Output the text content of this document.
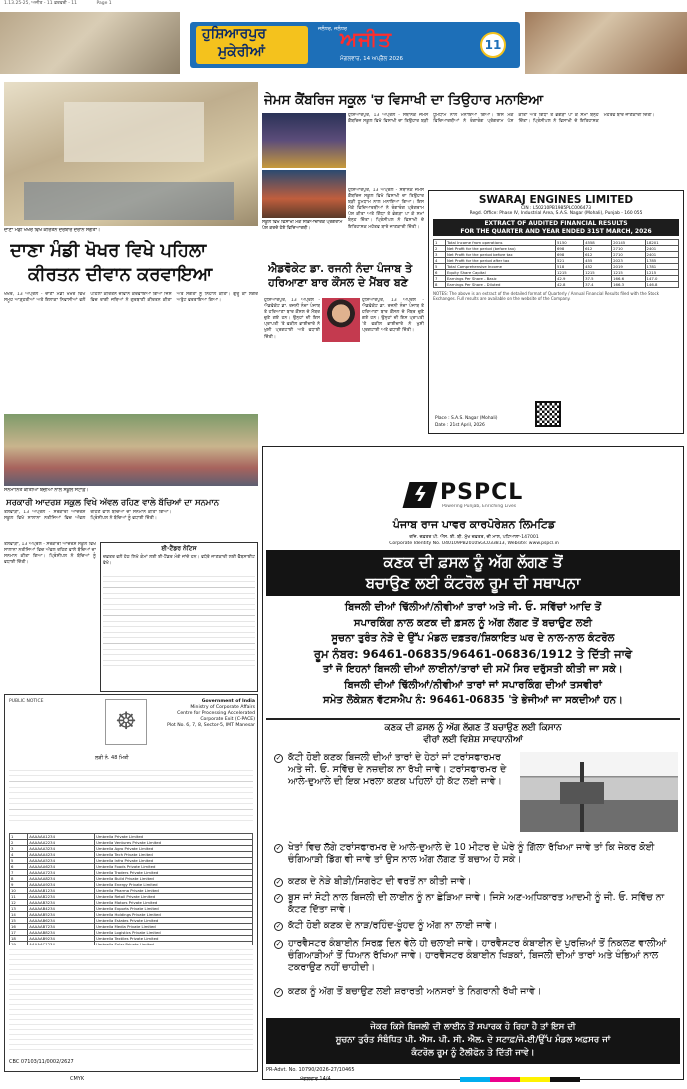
1.13.25-25, ਅਜੀਤ - 11 ਫ਼ਰਵਰੀ - 11	Page 1
ਹੁਸ਼ਿਆਰਪੁਰ
ਮੁਕੇਰੀਆਂ
ਜਲੰਧਰ, ਜਲੰਧਰ
ਅਜੀਤ
ਮੰਗਲਵਾਰ, 14 ਅਪ੍ਰੈਲ 2026
11
ਦਾਣਾ ਮੰਡੀ ਖੋਖਰ ਵਿਖੇ ਕੀਰਤਨ ਦਰਬਾਰ ਦੌਰਾਨ ਸੰਗਤਾਂ।
ਦਾਣਾ ਮੰਡੀ ਖੋਖਰ ਵਿਖੇ ਪਹਿਲਾ
ਕੀਰਤਨ ਦੀਵਾਨ ਕਰਵਾਇਆ
ਖੋਖਰ, 13 ਅਪ੍ਰੈਲ - ਦਾਣਾ ਮੰਡੀ ਖੋਖਰ ਵਿਖੇ ਸਮੂਹ ਆੜ੍ਹਤੀਆਂ ਅਤੇ ਇਲਾਕਾ ਨਿਵਾਸੀਆਂ ਵਲੋਂ ਪਹਿਲਾ ਕੀਰਤਨ ਦੀਵਾਨ ਕਰਵਾਇਆ ਗਿਆ ਜਿਸ ਵਿਚ ਰਾਗੀ ਜਥਿਆਂ ਨੇ ਗੁਰਬਾਣੀ ਕੀਰਤਨ ਕੀਤਾ ਅਤੇ ਸੰਗਤਾਂ ਨੂੰ ਨਿਹਾਲ ਕੀਤਾ। ਗੁਰੂ ਕਾ ਲੰਗਰ ਅਤੁੱਟ ਵਰਤਾਇਆ ਗਿਆ।
ਸਨਮਾਨਿਤ ਕੀਤੀਆਂ ਬੱਚੀਆਂ ਨਾਲ ਸਕੂਲ ਸਟਾਫ਼।
ਸਰਕਾਰੀ ਆਦਰਸ਼ ਸਕੂਲ ਵਿਖੇ ਅੱਵਲ ਰਹਿਣ ਵਾਲੇ ਬੱਚਿਆਂ ਦਾ ਸਨਮਾਨ
ਤਲਵਾੜਾ, 13 ਅਪ੍ਰੈਲ - ਸਰਕਾਰੀ ਆਦਰਸ਼ ਸਕੂਲ ਵਿਖੇ ਸਾਲਾਨਾ ਨਤੀਜਿਆਂ ਵਿਚ ਅੱਵਲ ਰਹਿਣ ਵਾਲੇ ਬੱਚਿਆਂ ਦਾ ਸਨਮਾਨ ਕੀਤਾ ਗਿਆ। ਪ੍ਰਿੰਸੀਪਲ ਨੇ ਬੱਚਿਆਂ ਨੂੰ ਵਧਾਈ ਦਿੱਤੀ।
ਤਲਵਾੜਾ, 13 ਅਪ੍ਰੈਲ - ਸਰਕਾਰੀ ਆਦਰਸ਼ ਸਕੂਲ ਵਿਖੇ ਸਾਲਾਨਾ ਨਤੀਜਿਆਂ ਵਿਚ ਅੱਵਲ ਰਹਿਣ ਵਾਲੇ ਬੱਚਿਆਂ ਦਾ ਸਨਮਾਨ ਕੀਤਾ ਗਿਆ। ਪ੍ਰਿੰਸੀਪਲ ਨੇ ਬੱਚਿਆਂ ਨੂੰ ਵਧਾਈ ਦਿੱਤੀ।
ਈ-ਟੈਂਡਰ ਨੋਟਿਸ
ਦਫ਼ਤਰ ਵਲੋਂ ਹੇਠ ਲਿਖੇ ਕੰਮਾਂ ਲਈ ਈ-ਟੈਂਡਰ ਮੰਗੇ ਜਾਂਦੇ ਹਨ। ਵਧੇਰੇ ਜਾਣਕਾਰੀ ਲਈ ਵੈੱਬਸਾਈਟ ਵੇਖੋ।
PUBLIC NOTICE
☸
Government of India
Ministry of Corporate Affairs
Centre for Processing Accelerated
Corporate Exit (C-PACE)
Plot No. 6, 7, 8, Sector-5, IMT Manesar
ਲੜੀ ਨੰ. 48 ਮਿਤੀ
1	AAAAAA1234	Umbrella Private Limited
2	AAAAAA2234	Umbrella Ventures Private Limited
3	AAAAAA3234	Umbrella Agro Private Limited
4	AAAAAA4234	Umbrella Tech Private Limited
5	AAAAAA5234	Umbrella Infra Private Limited
6	AAAAAA6234	Umbrella Foods Private Limited
7	AAAAAA7234	Umbrella Traders Private Limited
8	AAAAAA8234	Umbrella Build Private Limited
9	AAAAAA9234	Umbrella Energy Private Limited
10	AAAAAB1234	Umbrella Pharma Private Limited
11	AAAAAB2234	Umbrella Retail Private Limited
12	AAAAAB3234	Umbrella Motors Private Limited
13	AAAAAB4234	Umbrella Exports Private Limited
14	AAAAAB5234	Umbrella Holdings Private Limited
15	AAAAAB6234	Umbrella Estates Private Limited
16	AAAAAB7234	Umbrella Media Private Limited
17	AAAAAB8234	Umbrella Logistics Private Limited
18	AAAAAB9234	Umbrella Textiles Private Limited

CBC 07103/11/0002/2627
ਜੇਮਸ ਕੈਂਬਰਿਜ ਸਕੂਲ 'ਚ ਵਿਸਾਖੀ ਦਾ ਤਿਉਹਾਰ ਮਨਾਇਆ
ਹੁਸ਼ਿਆਰਪੁਰ, 13 ਅਪ੍ਰੈਲ - ਸਥਾਨਕ ਜੇਮਸ ਕੈਂਬਰਿਜ ਸਕੂਲ ਵਿਖੇ ਵਿਸਾਖੀ ਦਾ ਤਿਉਹਾਰ ਬੜੀ ਧੂਮਧਾਮ ਨਾਲ ਮਨਾਇਆ ਗਿਆ। ਇਸ ਮੌਕੇ ਵਿਦਿਆਰਥੀਆਂ ਨੇ ਰੰਗਾਰੰਗ ਪ੍ਰੋਗਰਾਮ ਪੇਸ਼ ਕੀਤਾ ਅਤੇ ਗਿੱਧਾ ਤੇ ਭੰਗੜਾ ਪਾ ਕੇ ਸਮਾਂ ਬੰਨ੍ਹ ਦਿੱਤਾ। ਪ੍ਰਿੰਸੀਪਲ ਨੇ ਵਿਸਾਖੀ ਦੇ ਇਤਿਹਾਸਕ ਮਹੱਤਵ ਬਾਰੇ ਜਾਣਕਾਰੀ ਦਿੱਤੀ।
ਸਕੂਲ ਵਿਖੇ ਵਿਸਾਖੀ ਮੌਕੇ ਸਭਿਆਚਾਰਕ ਪ੍ਰੋਗਰਾਮ ਪੇਸ਼ ਕਰਦੇ ਹੋਏ ਵਿਦਿਆਰਥੀ।
ਹੁਸ਼ਿਆਰਪੁਰ, 13 ਅਪ੍ਰੈਲ - ਸਥਾਨਕ ਜੇਮਸ ਕੈਂਬਰਿਜ ਸਕੂਲ ਵਿਖੇ ਵਿਸਾਖੀ ਦਾ ਤਿਉਹਾਰ ਬੜੀ ਧੂਮਧਾਮ ਨਾਲ ਮਨਾਇਆ ਗਿਆ। ਇਸ ਮੌਕੇ ਵਿਦਿਆਰਥੀਆਂ ਨੇ ਰੰਗਾਰੰਗ ਪ੍ਰੋਗਰਾਮ ਪੇਸ਼ ਕੀਤਾ ਅਤੇ ਗਿੱਧਾ ਤੇ ਭੰਗੜਾ ਪਾ ਕੇ ਸਮਾਂ ਬੰਨ੍ਹ ਦਿੱਤਾ। ਪ੍ਰਿੰਸੀਪਲ ਨੇ ਵਿਸਾਖੀ ਦੇ ਇਤਿਹਾਸਕ ਮਹੱਤਵ ਬਾਰੇ ਜਾਣਕਾਰੀ ਦਿੱਤੀ।
ਐਡਵੋਕੇਟ ਡਾ. ਰਜਨੀ ਨੰਦਾ ਪੰਜਾਬ ਤੇ
ਹਰਿਆਣਾ ਬਾਰ ਕੌਂਸਲ ਦੇ ਮੈਂਬਰ ਬਣੇ
ਹੁਸ਼ਿਆਰਪੁਰ, 13 ਅਪ੍ਰੈਲ - ਐਡਵੋਕੇਟ ਡਾ. ਰਜਨੀ ਨੰਦਾ ਪੰਜਾਬ ਤੇ ਹਰਿਆਣਾ ਬਾਰ ਕੌਂਸਲ ਦੇ ਮੈਂਬਰ ਚੁਣੇ ਗਏ ਹਨ। ਉਨ੍ਹਾਂ ਦੀ ਇਸ ਪ੍ਰਾਪਤੀ 'ਤੇ ਵਕੀਲ ਭਾਈਚਾਰੇ ਨੇ ਖੁਸ਼ੀ ਪ੍ਰਗਟਾਈ ਅਤੇ ਵਧਾਈ ਦਿੱਤੀ।
ਹੁਸ਼ਿਆਰਪੁਰ, 13 ਅਪ੍ਰੈਲ - ਐਡਵੋਕੇਟ ਡਾ. ਰਜਨੀ ਨੰਦਾ ਪੰਜਾਬ ਤੇ ਹਰਿਆਣਾ ਬਾਰ ਕੌਂਸਲ ਦੇ ਮੈਂਬਰ ਚੁਣੇ ਗਏ ਹਨ। ਉਨ੍ਹਾਂ ਦੀ ਇਸ ਪ੍ਰਾਪਤੀ 'ਤੇ ਵਕੀਲ ਭਾਈਚਾਰੇ ਨੇ ਖੁਸ਼ੀ ਪ੍ਰਗਟਾਈ ਅਤੇ ਵਧਾਈ ਦਿੱਤੀ।
SWARAJ ENGINES LIMITED
CIN : L50210PB1985PLC006473
Regd. Office: Phase IV, Industrial Area, S.A.S. Nagar (Mohali), Punjab - 160 055
EXTRACT OF AUDITED FINANCIAL RESULTS
FOR THE QUARTER AND YEAR ENDED 31ST MARCH, 2026
1	Total Income from operations	5150	4558	20145	18201
2	Net Profit for the period (before tax)	698	612	2710	2401
3	Net Profit for the period before tax	698	612	2710	2401
4	Net Profit for the period after tax	521	455	2023	1785
5	Total Comprehensive Income	518	452	2019	1781
6	Equity Share Capital	1215	1215	1215	1215
7	Earnings Per Share - Basic	42.9	37.5	166.6	147.0
8	Earnings Per Share - Diluted	42.8	37.4	166.3	146.8
NOTES: The above is an extract of the detailed format of Quarterly / Annual Financial Results filed with the Stock Exchanges. Full results are available on the website of the Company.
Place : S.A.S. Nagar (Mohali)
Date : 21st April, 2026
ϟ PSPCL
Powering Punjab, Enriching Lives
ਪੰਜਾਬ ਰਾਜ ਪਾਵਰ ਕਾਰਪੋਰੇਸ਼ਨ ਲਿਮਟਿਡ
ਰਜਿ. ਦਫ਼ਤਰ ਪੀ. ਐਸ. ਈ. ਬੀ. ਮੁੱਖ ਦਫ਼ਤਰ, ਦੀ ਮਾਲ, ਪਟਿਆਲਾ-147001
Corporate Identity No. U40109PB2010SGC033813, Website: www.pspcl.in
ਕਣਕ ਦੀ ਫ਼ਸਲ ਨੂੰ ਅੱਗ ਲੱਗਣ ਤੋਂ
ਬਚਾਉਣ ਲਈ ਕੰਟਰੋਲ ਰੂਮ ਦੀ ਸਥਾਪਨਾ
ਬਿਜਲੀ ਦੀਆਂ ਢਿੱਲੀਆਂ/ਨੀਵੀਆਂ ਤਾਰਾਂ ਅਤੇ ਜੀ. ਓ. ਸਵਿੱਚਾਂ ਆਦਿ ਤੋਂ
ਸਪਾਰਕਿੰਗ ਨਾਲ ਕਣਕ ਦੀ ਫ਼ਸਲ ਨੂੰ ਅੱਗ ਲੱਗਣ ਤੋਂ ਬਚਾਉਣ ਲਈ
ਸੂਚਨਾ ਤੁਰੰਤ ਨੇੜੇ ਦੇ ਉੱਪ ਮੰਡਲ ਦਫ਼ਤਰ/ਸ਼ਿਕਾਇਤ ਘਰ ਦੇ ਨਾਲ-ਨਾਲ ਕੰਟਰੋਲ
ਰੂਮ ਨੰਬਰ: 96461-06835/96461-06836/1912 ਤੇ ਦਿੱਤੀ ਜਾਵੇ
ਤਾਂ ਜੋ ਇਹਨਾਂ ਬਿਜਲੀ ਦੀਆਂ ਲਾਈਨਾਂ/ਤਾਰਾਂ ਦੀ ਸਮੇਂ ਸਿਰ ਦਰੁੱਸਤੀ ਕੀਤੀ ਜਾ ਸਕੇ।
ਬਿਜਲੀ ਦੀਆਂ ਢਿੱਲੀਆਂ/ਨੀਵੀਆਂ ਤਾਰਾਂ ਜਾਂ ਸਪਾਰਕਿੰਗ ਦੀਆਂ ਤਸਵੀਰਾਂ
ਸਮੇਤ ਲੋਕੇਸ਼ਨ ਵੱਟਸਐਪ ਨੰ: 96461-06835 'ਤੇ ਭੇਜੀਆਂ ਜਾ ਸਕਦੀਆਂ ਹਨ।
ਕਣਕ ਦੀ ਫ਼ਸਲ ਨੂੰ ਅੱਗ ਲੱਗਣ ਤੋਂ ਬਚਾਉਣ ਲਈ ਕਿਸਾਨ
ਵੀਰਾਂ ਲਈ ਵਿਸ਼ੇਸ਼ ਸਾਵਧਾਨੀਆਂ
✓ ਕੱਟੀ ਹੋਈ ਕਣਕ ਬਿਜਲੀ ਦੀਆਂ ਤਾਰਾਂ ਦੇ ਹੇਠਾਂ ਜਾਂ ਟਰਾਂਸਫਾਰਮਰ ਅਤੇ ਜੀ. ਓ. ਸਵਿੱਚ ਦੇ ਨਜ਼ਦੀਕ ਨਾ ਰੱਖੀ ਜਾਵੇ। ਟਰਾਂਸਫਾਰਮਰ ਦੇ ਆਲੇ-ਦੁਆਲੇ ਦੀ ਇਕ ਮਰਲਾ ਕਣਕ ਪਹਿਲਾਂ ਹੀ ਕੱਟ ਲਈ ਜਾਵੇ।
✓ ਖੇਤਾਂ ਵਿਚ ਲੱਗੇ ਟਰਾਂਸਫਾਰਮਰ ਦੇ ਆਲੇ-ਦੁਆਲੇ ਦੇ 10 ਮੀਟਰ ਦੇ ਘੇਰੇ ਨੂੰ ਗਿੱਲਾ ਰੱਖਿਆ ਜਾਵੇ ਤਾਂ ਕਿ ਜੇਕਰ ਕੋਈ ਚੰਗਿਆੜੀ ਡਿੱਗ ਵੀ ਜਾਵੇ ਤਾਂ ਉਸ ਨਾਲ ਅੱਗ ਲੱਗਣ ਤੋਂ ਬਚਾਅ ਹੋ ਸਕੇ।
✓ ਕਣਕ ਦੇ ਨੇੜੇ ਬੀੜੀ/ਸਿਗਰੇਟ ਦੀ ਵਰਤੋਂ ਨਾ ਕੀਤੀ ਜਾਵੇ।
✓ ਬੂਸ ਜਾਂ ਸੋਟੀ ਨਾਲ ਬਿਜਲੀ ਦੀ ਲਾਈਨ ਨੂੰ ਨਾ ਛੇੜਿਆ ਜਾਵੇ। ਜਿਸੇ ਅਣ-ਅਧਿਕਾਰਤ ਆਦਮੀ ਨੂੰ ਜੀ. ਓ. ਸਵਿੱਚ ਨਾ ਕੱਟਣ ਦਿੱਤਾ ਜਾਵੇ।
✓ ਕੱਟੀ ਹੋਈ ਕਣਕ ਦੇ ਨਾੜ/ਰਹਿੰਦ-ਖੂੰਹਦ ਨੂੰ ਅੱਗ ਨਾ ਲਾਈ ਜਾਵੇ।
✓ ਹਾਰਵੈਸਟਰ ਕੰਬਾਈਨ ਸਿਰਫ਼ ਦਿਨ ਵੇਲੇ ਹੀ ਚਲਾਈ ਜਾਵੇ। ਹਾਰਵੈਸਟਰ ਕੰਬਾਈਨ ਦੇ ਪੁਰਜ਼ਿਆਂ ਤੋਂ ਨਿਕਲਣ ਵਾਲੀਆਂ ਚੰਗਿਆੜੀਆਂ ਤੋਂ ਧਿਆਨ ਰੱਖਿਆ ਜਾਵੇ। ਹਾਰਵੈਸਟਰ ਕੰਬਾਈਨ ਖਿੜਕਾਂ, ਬਿਜਲੀ ਦੀਆਂ ਤਾਰਾਂ ਅਤੇ ਖੰਭਿਆਂ ਨਾਲ ਟਕਰਾਉਣ ਨਹੀਂ ਚਾਹੀਦੀ।
✓ ਕਣਕ ਨੂੰ ਅੱਗ ਤੋਂ ਬਚਾਉਣ ਲਈ ਸ਼ਰਾਰਤੀ ਅਨਸਰਾਂ ਤੇ ਨਿਗਰਾਨੀ ਰੱਖੀ ਜਾਵੇ।
ਜੇਕਰ ਕਿਸੇ ਬਿਜਲੀ ਦੀ ਲਾਈਨ ਤੋਂ ਸਪਾਰਕ ਹੋ ਰਿਹਾ ਹੈ ਤਾਂ ਇਸ ਦੀ
ਸੂਚਨਾ ਤੁਰੰਤ ਸੰਬੰਧਿਤ ਪੀ. ਐਸ. ਪੀ. ਸੀ. ਐਲ. ਦੇ ਸਟਾਫ਼/ਜੇ.ਈ/ਉੱਪ ਮੰਡਲ ਅਫ਼ਸਰ ਜਾਂ
ਕੰਟਰੋਲ ਰੂਮ ਨੂੰ ਟੈਲੀਫੋਨ ਤੇ ਦਿੱਤੀ ਜਾਵੇ।
PR-Advt. No. 10790/2026-27/10465
CMYK	ਮੰਗਲਵਾਰ 14/4
